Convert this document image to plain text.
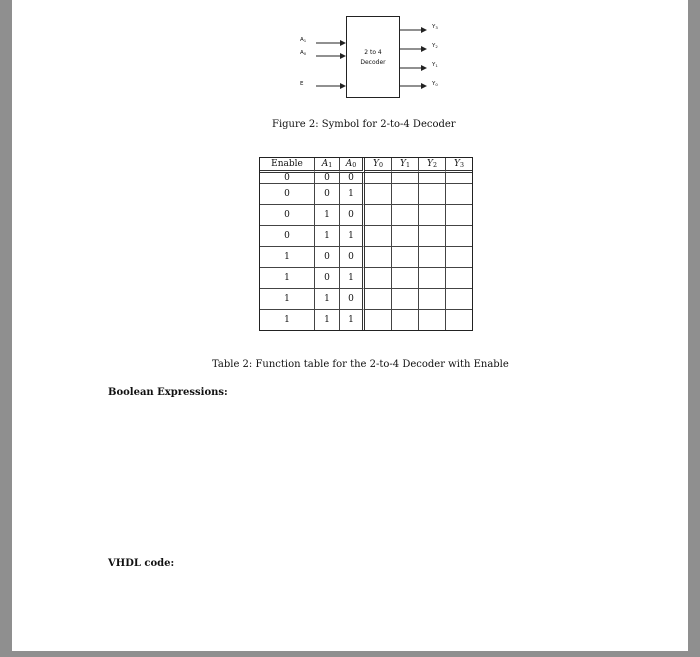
2 to 4
Decoder
$A_1$
$A_0$
E
$Y_3$
$Y_2$
$Y_1$
$Y_0$
Figure 2: Symbol for 2-to-4 Decoder
Enable	A1	A0	Y0	Y1	Y2	Y3
0	0	0				
0	0	1				
0	1	0				
0	1	1				
1	0	0				
1	0	1				
1	1	0				
1	1	1				
Table 2: Function table for the 2-to-4 Decoder with Enable
Boolean Expressions:
VHDL code:
